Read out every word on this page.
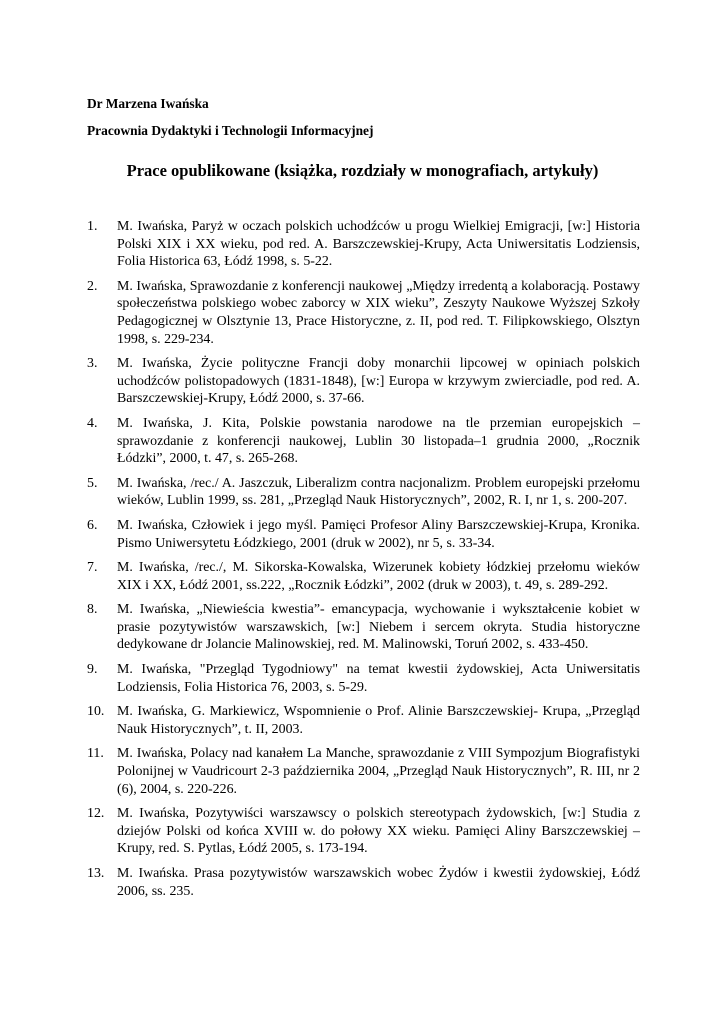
Dr Marzena Iwańska
Pracownia Dydaktyki i Technologii Informacyjnej
Prace opublikowane (książka, rozdziały w monografiach, artykuły)
1.	M. Iwańska, Paryż w oczach polskich uchodźców u progu Wielkiej Emigracji, [w:] Historia Polski XIX i XX wieku, pod red. A. Barszczewskiej-Krupy, Acta Uniwersitatis Lodziensis, Folia Historica 63, Łódź 1998, s. 5-22.
2.	M. Iwańska, Sprawozdanie z konferencji naukowej „Między irredentą a kolaboracją. Postawy społeczeństwa polskiego wobec zaborcy w XIX wieku”, Zeszyty Naukowe Wyższej Szkoły Pedagogicznej w Olsztynie 13, Prace Historyczne, z. II, pod red. T. Filipkowskiego, Olsztyn 1998, s. 229-234.
3.	M. Iwańska, Życie polityczne Francji doby monarchii lipcowej w opiniach polskich uchodźców polistopadowych (1831-1848), [w:] Europa w krzywym zwierciadle, pod red. A. Barszczewskiej-Krupy, Łódź 2000, s. 37-66.
4.	M. Iwańska, J. Kita, Polskie powstania narodowe na tle przemian europejskich – sprawozdanie z konferencji naukowej, Lublin 30 listopada–1 grudnia 2000, „Rocznik Łódzki”, 2000, t. 47, s. 265-268.
5.	M. Iwańska, /rec./ A. Jaszczuk, Liberalizm contra nacjonalizm. Problem europejski przełomu wieków, Lublin 1999, ss. 281, „Przegląd Nauk Historycznych”, 2002, R. I, nr 1, s. 200-207.
6.	M. Iwańska, Człowiek i jego myśl. Pamięci Profesor Aliny Barszczewskiej-Krupa, Kronika. Pismo Uniwersytetu Łódzkiego, 2001 (druk w 2002), nr 5, s. 33-34.
7.	M. Iwańska, /rec./, M. Sikorska-Kowalska, Wizerunek kobiety łódzkiej przełomu wieków XIX i XX, Łódź 2001, ss.222, „Rocznik Łódzki”, 2002 (druk w 2003), t. 49, s. 289-292.
8.	M. Iwańska, „Niewieścia kwestia”- emancypacja, wychowanie i wykształcenie kobiet w prasie pozytywistów warszawskich, [w:] Niebem i sercem okryta. Studia historyczne dedykowane dr Jolancie Malinowskiej, red. M. Malinowski, Toruń 2002, s. 433-450.
9.	M. Iwańska, "Przegląd Tygodniowy" na temat kwestii żydowskiej, Acta Uniwersitatis Lodziensis, Folia Historica 76, 2003, s. 5-29.
10. M. Iwańska, G. Markiewicz, Wspomnienie o Prof. Alinie Barszczewskiej- Krupa, „Przegląd Nauk Historycznych”, t. II, 2003.
11. M. Iwańska, Polacy nad kanałem La Manche, sprawozdanie z VIII Sympozjum Biografistyki Polonijnej w Vaudricourt 2-3 października 2004, „Przegląd Nauk Historycznych”, R. III, nr 2 (6), 2004, s. 220-226.
12. M. Iwańska, Pozytywiści warszawscy o polskich stereotypach żydowskich, [w:] Studia z dziejów Polski od końca XVIII w. do połowy XX wieku. Pamięci Aliny Barszczewskiej – Krupy, red. S. Pytlas, Łódź 2005, s. 173-194.
13. M. Iwańska. Prasa pozytywistów warszawskich wobec Żydów i kwestii żydowskiej, Łódź 2006, ss. 235.
